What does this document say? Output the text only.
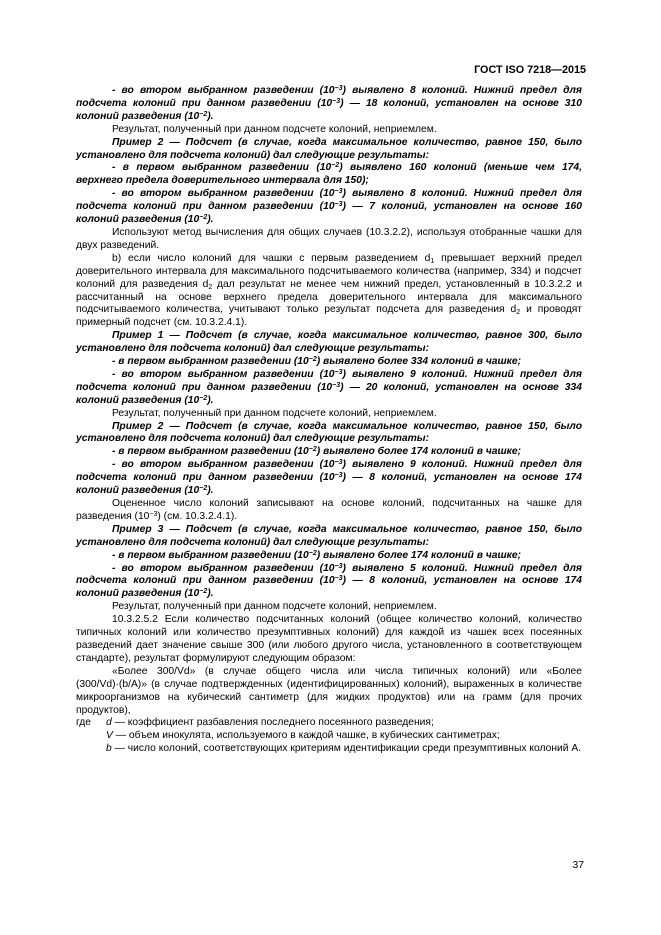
ГОСТ ISO 7218—2015

- во втором выбранном разведении $(10^{-3})$ выявлено 8 колоний. Нижний предел для подсчета колоний при данном разведении $(10^{-3})$ — 18 колоний, установлен на основе 310 колоний разведения $(10^{-2})$.

Результат, полученный при данном подсчете колоний, неприемлем.

Пример 2 — Подсчет (в случае, когда максимальное количество, равное 150, было установлено для подсчета колоний) дал следующие результаты:

- в первом выбранном разведении $(10^{-2})$ выявлено 160 колоний (меньше чем 174, верхнего предела доверительного интервала для 150);

- во втором выбранном разведении $(10^{-3})$ выявлено 8 колоний. Нижний предел для подсчета колоний при данном разведении $(10^{-3})$ — 7 колоний, установлен на основе 160 колоний разведения $(10^{-2})$.

Используют метод вычисления для общих случаев (10.3.2.2), используя отобранные чашки для двух разведений.

b) если число колоний для чашки с первым разведением $d_1$ превышает верхний предел доверительного интервала для максимального подсчитываемого количества (например, 334) и подсчет колоний для разведения $d_2$ дал результат не менее чем нижний предел, установленный в 10.3.2.2 и рассчитанный на основе верхнего предела доверительного интервала для максимального подсчитываемого количества, учитывают только результат подсчета для разведения $d_2$ и проводят примерный подсчет (см. 10.3.2.4.1).

Пример 1 — Подсчет (в случае, когда максимальное количество, равное 300, было установлено для подсчета колоний) дал следующие результаты:

- в первом выбранном разведении $(10^{-2})$ выявлено более 334 колоний в чашке;

- во втором выбранном разведении $(10^{-3})$ выявлено 9 колоний. Нижний предел для подсчета колоний при данном разведении $(10^{-3})$ — 20 колоний, установлен на основе 334 колоний разведения $(10^{-2})$.

Результат, полученный при данном подсчете колоний, неприемлем.

Пример 2 — Подсчет (в случае, когда максимальное количество, равное 150, было установлено для подсчета колоний) дал следующие результаты:

- в первом выбранном разведении $(10^{-2})$ выявлено более 174 колоний в чашке;

- во втором выбранном разведении $(10^{-3})$ выявлено 9 колоний. Нижний предел для подсчета колоний при данном разведении $(10^{-3})$ — 8 колоний, установлен на основе 174 колоний разведения $(10^{-2})$.

Оцененное число колоний записывают на основе колоний, подсчитанных на чашке для разведения $(10^{-3})$ (см. 10.3.2.4.1).

Пример 3 — Подсчет (в случае, когда максимальное количество, равное 150, было установлено для подсчета колоний) дал следующие результаты:

- в первом выбранном разведении $(10^{-2})$ выявлено более 174 колоний в чашке;

- во втором выбранном разведении $(10^{-3})$ выявлено 5 колоний. Нижний предел для подсчета колоний при данном разведении $(10^{-3})$ — 8 колоний, установлен на основе 174 колоний разведения $(10^{-2})$.

Результат, полученный при данном подсчете колоний, неприемлем.

10.3.2.5.2 Если количество подсчитанных колоний (общее количество колоний, количество типичных колоний или количество презумптивных колоний) для каждой из чашек всех посеянных разведений дает значение свыше 300 (или любого другого числа, установленного в соответствующем стандарте), результат формулируют следующим образом:

«Более 300/Vd» (в случае общего числа или числа типичных колоний) или «Более (300/Vd)·(b/A)» (в случае подтвержденных (идентифицированных) колоний), выраженных в количестве микроорганизмов на кубический сантиметр (для жидких продуктов) или на грамм (для прочих продуктов),

где d — коэффициент разбавления последнего посеянного разведения;

V — объем инокулята, используемого в каждой чашке, в кубических сантиметрах;

b — число колоний, соответствующих критериям идентификации среди презумптивных колоний A.

37
